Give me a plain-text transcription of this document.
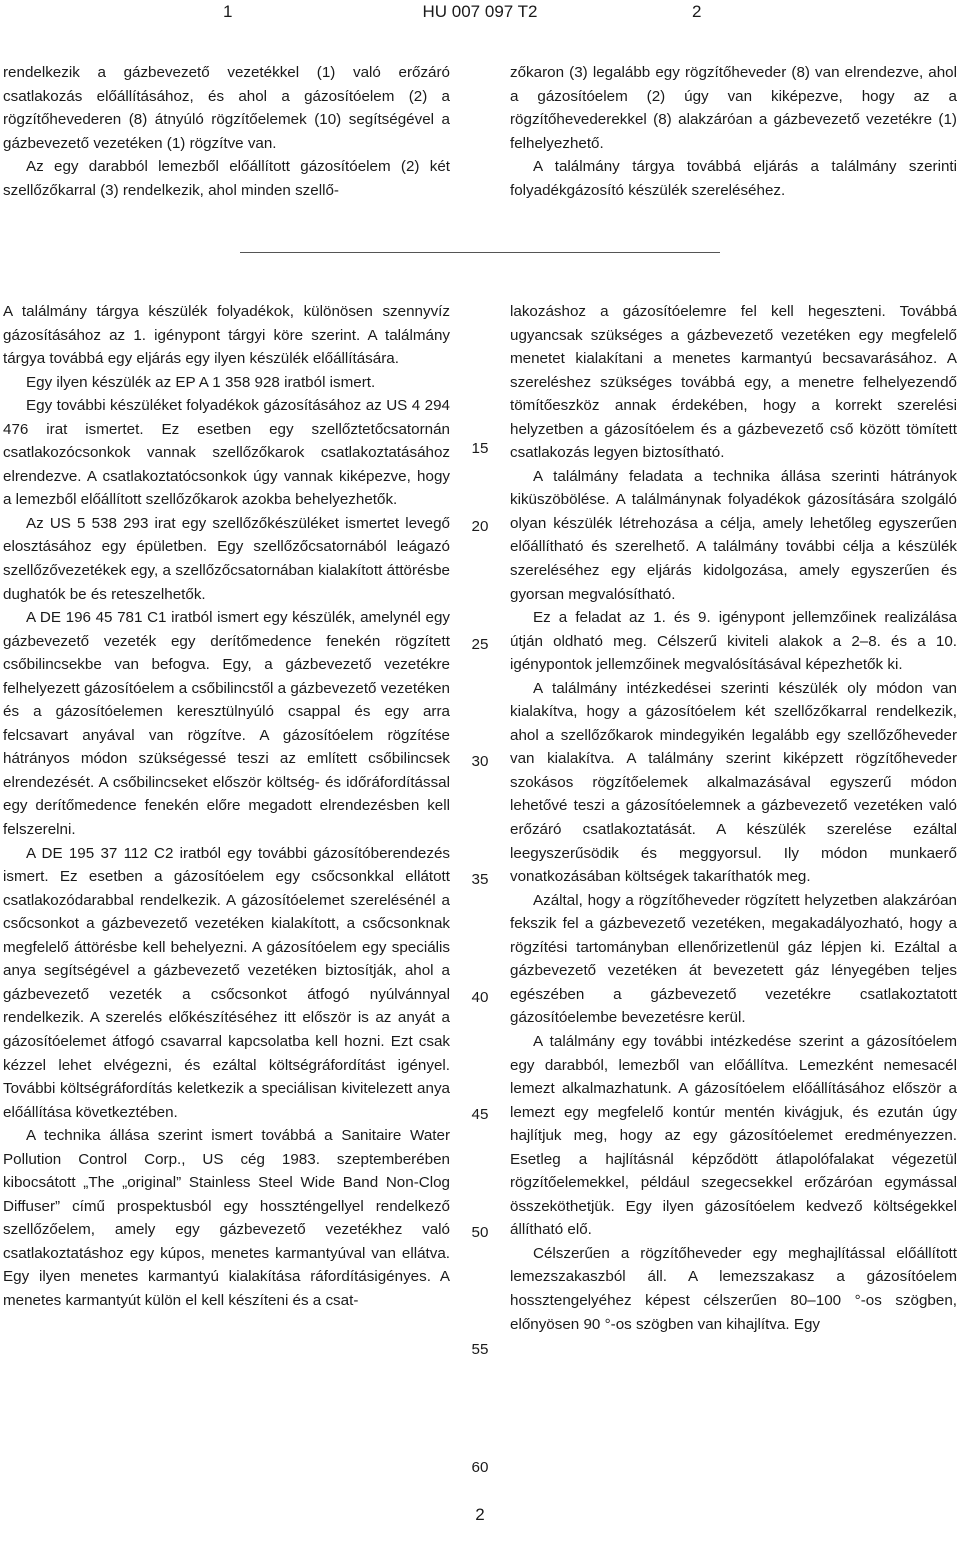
1	HU 007 097 T2	2

rendelkezik a gázbevezető vezetékkel (1) való erőzáró csatlakozás előállításához, és ahol a gázosítóelem (2) a rögzítőhevederen (8) átnyúló rögzítőelemek (10) segítségével a gázbevezető vezetéken (1) rögzítve van.

Az egy darabból lemezből előállított gázosítóelem (2) két szellőzőkarral (3) rendelkezik, ahol minden szellő-

zőkaron (3) legalább egy rögzítőheveder (8) van elrendezve, ahol a gázosítóelem (2) úgy van kiképezve, hogy az a rögzítőhevederekkel (8) alakzáróan a gázbevezető vezetékre (1) felhelyezhető.

A találmány tárgya továbbá eljárás a találmány szerinti folyadékgázosító készülék szereléséhez.

A találmány tárgya készülék folyadékok, különösen szennyvíz gázosításához az 1. igénypont tárgyi köre szerint. A találmány tárgya továbbá egy eljárás egy ilyen készülék előállítására.

Egy ilyen készülék az EP A 1 358 928 iratból ismert.

Egy további készüléket folyadékok gázosításához az US 4 294 476 irat ismertet. Ez esetben egy szellőztetőcsatornán csatlakozócsonkok vannak szellőzőkarok csatlakoztatásához elrendezve. A csatlakoztatócsonkok úgy vannak kiképezve, hogy a lemezből előállított szellőzőkarok azokba behelyezhetők.

Az US 5 538 293 irat egy szellőzőkészüléket ismertet levegő elosztásához egy épületben. Egy szellőzőcsatornából leágazó szellőzővezetékek egy, a szellőzőcsatornában kialakított áttörésbe dughatók be és reteszelhetők.

A DE 196 45 781 C1 iratból ismert egy készülék, amelynél egy gázbevezető vezeték egy derítőmedence fenekén rögzített csőbilincsekbe van befogva. Egy, a gázbevezető vezetékre felhelyezett gázosítóelem a csőbilincstől a gázbevezető vezetéken és a gázosítóelemen keresztülnyúló csappal és egy arra felcsavart anyával van rögzítve. A gázosítóelem rögzítése hátrányos módon szükségessé teszi az említett csőbilincsek elrendezését. A csőbilincseket először költség- és időráfordítással egy derítőmedence fenekén előre megadott elrendezésben kell felszerelni.

A DE 195 37 112 C2 iratból egy további gázosítóberendezés ismert. Ez esetben a gázosítóelem egy csőcsonkkal ellátott csatlakozódarabbal rendelkezik. A gázosítóelemet szerelésénél a csőcsonkot a gázbevezető vezetéken kialakított, a csőcsonknak megfelelő áttörésbe kell behelyezni. A gázosítóelem egy speciális anya segítségével a gázbevezető vezetéken biztosítják, ahol a gázbevezető vezeték a csőcsonkot átfogó nyúlvánnyal rendelkezik. A szerelés előkészítéséhez itt először is az anyát a gázosítóelemet átfogó csavarral kapcsolatba kell hozni. Ezt csak kézzel lehet elvégezni, és ezáltal költségráfordítást igényel. További költségráfordítás keletkezik a speciálisan kivitelezett anya előállítása következtében.

A technika állása szerint ismert továbbá a Sanitaire Water Pollution Control Corp., US cég 1983. szeptemberében kibocsátott „The „original” Stainless Steel Wide Band Non-Clog Diffuser” című prospektusból egy hosszténgellyel rendelkező szellőzőelem, amely egy gázbevezető vezetékhez való csatlakoztatáshoz egy kúpos, menetes karmantyúval van ellátva. Egy ilyen menetes karmantyú kialakítása ráfordításigényes. A menetes karmantyút külön el kell készíteni és a csat-

lakozáshoz a gázosítóelemre fel kell hegeszteni. Továbbá ugyancsak szükséges a gázbevezető vezetéken egy megfelelő menetet kialakítani a menetes karmantyú becsavarásához. A szereléshez szükséges továbbá egy, a menetre felhelyezendő tömítőeszköz annak érdekében, hogy a korrekt szerelési helyzetben a gázosítóelem és a gázbevezető cső között tömített csatlakozás legyen biztosítható.

A találmány feladata a technika állása szerinti hátrányok kiküszöbölése. A találmánynak folyadékok gázosítására szolgáló olyan készülék létrehozása a célja, amely lehetőleg egyszerűen előállítható és szerelhető. A találmány további célja a készülék szereléséhez egy eljárás kidolgozása, amely egyszerűen és gyorsan megvalósítható.

Ez a feladat az 1. és 9. igénypont jellemzőinek realizálása útján oldható meg. Célszerű kiviteli alakok a 2–8. és a 10. igénypontok jellemzőinek megvalósításával képezhetők ki.

A találmány intézkedései szerinti készülék oly módon van kialakítva, hogy a gázosítóelem két szellőzőkarral rendelkezik, ahol a szellőzőkarok mindegyikén legalább egy szellőzőheveder van kialakítva. A találmány szerint kiképzett rögzítőheveder szokásos rögzítőelemek alkalmazásával egyszerű módon lehetővé teszi a gázosítóelemnek a gázbevezető vezetéken való erőzáró csatlakoztatását. A készülék szerelése ezáltal leegyszerűsödik és meggyorsul. Ily módon munkaerő vonatkozásában költségek takaríthatók meg.

Azáltal, hogy a rögzítőheveder rögzített helyzetben alakzáróan fekszik fel a gázbevezető vezetéken, megakadályozható, hogy a rögzítési tartományban ellenőrizetlenül gáz lépjen ki. Ezáltal a gázbevezető vezetéken át bevezetett gáz lényegében teljes egészében a gázbevezető vezetékre csatlakoztatott gázosítóelembe bevezetésre kerül.

A találmány egy további intézkedése szerint a gázosítóelem egy darabból, lemezből van előállítva. Lemezként nemesacél lemezt alkalmazhatunk. A gázosítóelem előállításához először a lemezt egy megfelelő kontúr mentén kivágjuk, és ezután úgy hajlítjuk meg, hogy az egy gázosítóelemet eredményezzen. Esetleg a hajlításnál képződött átlapolófalakat végezetül rögzítőelemekkel, például szegecsekkel erőzáróan egymással összeköthetjük. Egy ilyen gázosítóelem kedvező költségekkel állítható elő.

Célszerűen a rögzítőheveder egy meghajlítással előállított lemezszakaszból áll. A lemezszakasz a gázosítóelem hossztengelyéhez képest célszerűen 80–100 °-os szögben, előnyösen 90 °-os szögben van kihajlítva. Egy

15
20
25
30
35
40
45
50
55
60
2
